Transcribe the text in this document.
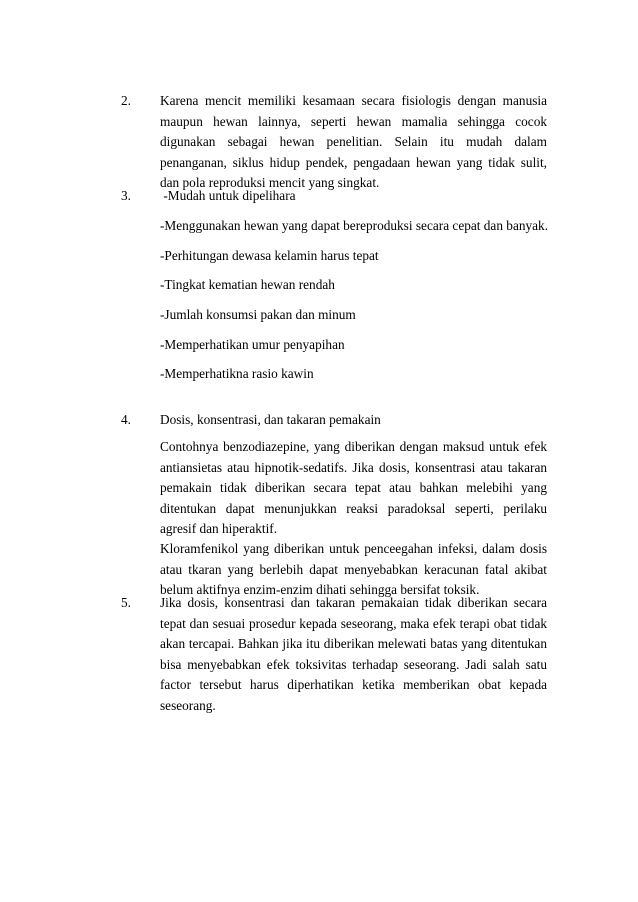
2. Karena mencit memiliki kesamaan secara fisiologis dengan manusia maupun hewan lainnya, seperti hewan mamalia sehingga cocok digunakan sebagai hewan penelitian. Selain itu mudah dalam penanganan, siklus hidup pendek, pengadaan hewan yang tidak sulit, dan pola reproduksi mencit yang singkat.

3. -Mudah untuk dipelihara

-Menggunakan hewan yang dapat bereproduksi secara cepat dan banyak.

-Perhitungan dewasa kelamin harus tepat

-Tingkat kematian hewan rendah

-Jumlah konsumsi pakan dan minum

-Memperhatikan umur penyapihan

-Memperhatikna rasio kawin

4. Dosis, konsentrasi, dan takaran pemakain

Contohnya benzodiazepine, yang diberikan dengan maksud untuk efek antiansietas atau hipnotik-sedatifs. Jika dosis, konsentrasi atau takaran pemakain tidak diberikan secara tepat atau bahkan melebihi yang ditentukan dapat menunjukkan reaksi paradoksal seperti, perilaku agresif dan hiperaktif.

Kloramfenikol yang diberikan untuk penceegahan infeksi, dalam dosis atau tkaran yang berlebih dapat menyebabkan keracunan fatal akibat belum aktifnya enzim-enzim dihati sehingga bersifat toksik.

5. Jika dosis, konsentrasi dan takaran pemakaian tidak diberikan secara tepat dan sesuai prosedur kepada seseorang, maka efek terapi obat tidak akan tercapai. Bahkan jika itu diberikan melewati batas yang ditentukan bisa menyebabkan efek toksivitas terhadap seseorang. Jadi salah satu factor tersebut harus diperhatikan ketika memberikan obat kepada seseorang.
